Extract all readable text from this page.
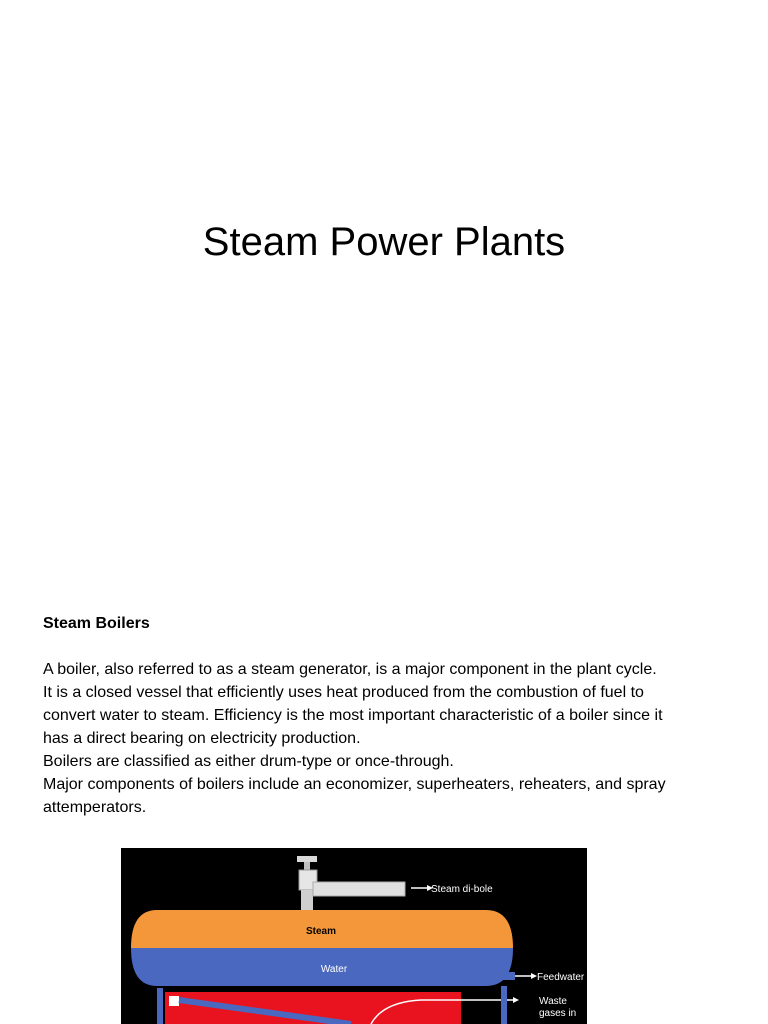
Steam Power Plants
Steam Boilers

A boiler, also referred to as a steam generator, is a major component in the plant cycle.

It is a closed vessel that efficiently uses heat produced from the combustion of fuel to convert water to steam. Efficiency is the most important characteristic of a boiler since it has a direct bearing on electricity production.

Boilers are classified as either drum-type or once-through.

Major components of boilers include an economizer, superheaters, reheaters, and spray attemperators.

Steam di-bole
Steam
Water
Feedwater
Waste
gases in
